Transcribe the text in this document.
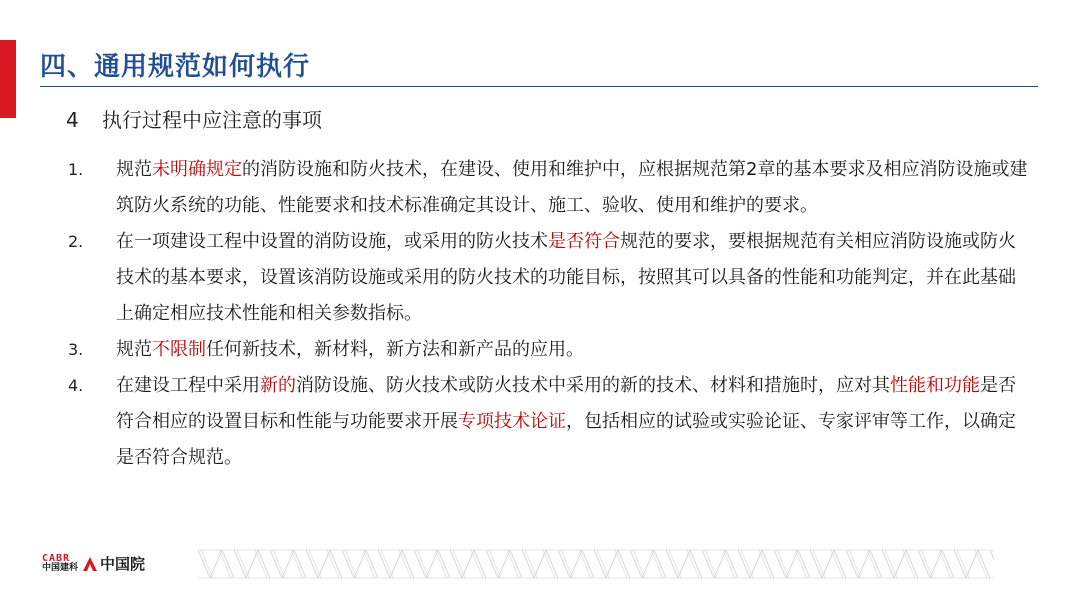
四、通用规范如何执行
4 执行过程中应注意的事项
1. 规范未明确规定的消防设施和防火技术，在建设、使用和维护中，应根据规范第2章的基本要求及相应消防设施或建筑防火系统的功能、性能要求和技术标准确定其设计、施工、验收、使用和维护的要求。
2. 在一项建设工程中设置的消防设施，或采用的防火技术是否符合规范的要求，要根据规范有关相应消防设施或防火技术的基本要求，设置该消防设施或采用的防火技术的功能目标，按照其可以具备的性能和功能判定，并在此基础上确定相应技术性能和相关参数指标。
3. 规范不限制任何新技术，新材料，新方法和新产品的应用。
4. 在建设工程中采用新的消防设施、防火技术或防火技术中采用的新的技术、材料和措施时，应对其性能和功能是否符合相应的设置目标和性能与功能要求开展专项技术论证，包括相应的试验或实验论证、专家评审等工作，以确定是否符合规范。
CABR
中国建科 中国院
